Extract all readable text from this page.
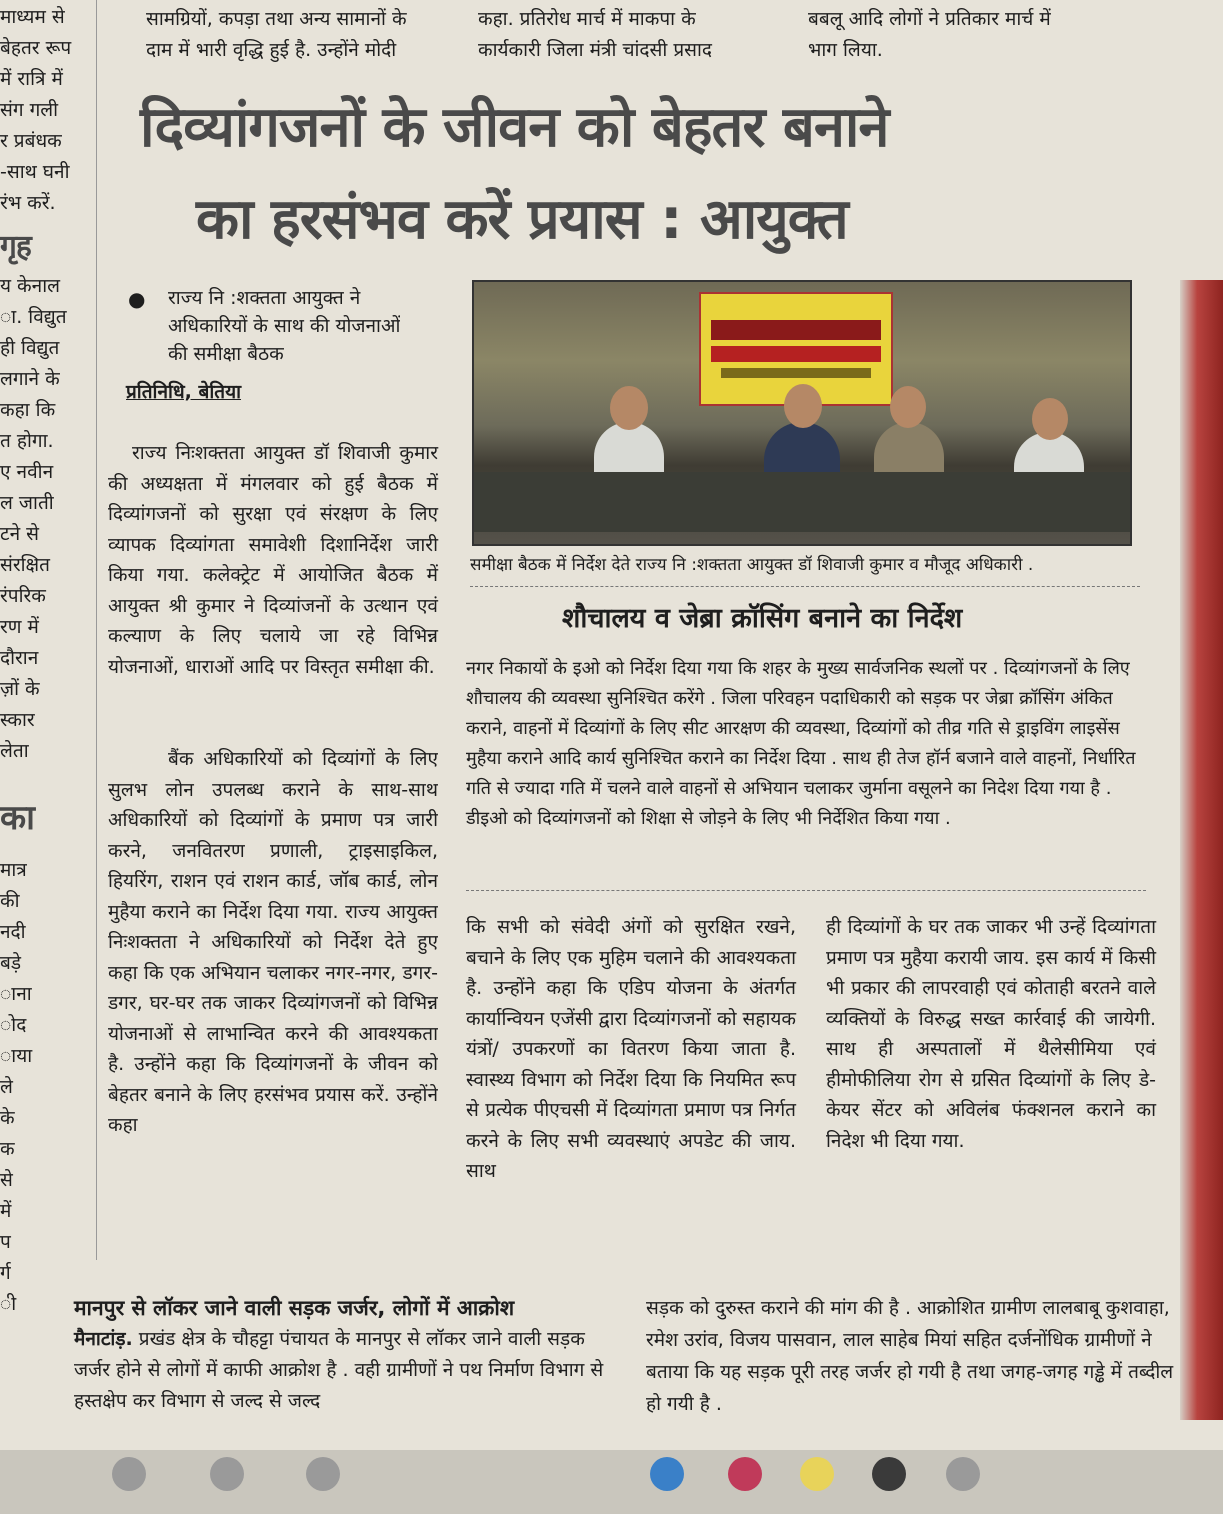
माध्यम से
बेहतर रूप
में रात्रि में
संग गली
र प्रबंधक
-साथ घनी
रंभ करें.
गृह
य केनाल
ा. विद्युत
ही विद्युत
लगाने के
कहा कि
त होगा.
ए नवीन
ल जाती
टने से
संरक्षित
रंपरिक
रण में
दौरान
ज़ों के
स्कार
लेता
का
मात्र
की
नदी
बड़े
ाना
ोद
ाया
ले
के
क
से
में
प
र्ग
ी
सामग्रियों, कपड़ा तथा अन्य सामानों के
दाम में भारी वृद्धि हुई है. उन्होंने मोदी
कहा. प्रतिरोध मार्च में माकपा के
कार्यकारी जिला मंत्री चांदसी प्रसाद
बबलू आदि लोगों ने प्रतिकार मार्च में
भाग लिया.
दिव्यांगजनों के जीवन को बेहतर बनाने
का हरसंभव करें प्रयास : आयुक्त
●	राज्य नि :शक्तता आयुक्त ने
अधिकारियों के साथ की योजनाओं
की समीक्षा बैठक
प्रतिनिधि, बेतिया
राज्य निःशक्तता आयुक्त डॉ शिवाजी कुमार की अध्यक्षता में मंगलवार को हुई बैठक में दिव्यांगजनों को सुरक्षा एवं संरक्षण के लिए व्यापक दिव्यांगता समावेशी दिशानिर्देश जारी किया गया. कलेक्ट्रेट में आयोजित बैठक में आयुक्त श्री कुमार ने दिव्यांजनों के उत्थान एवं कल्याण के लिए चलाये जा रहे विभिन्न योजनाओं, धाराओं आदि पर विस्तृत समीक्षा की.
बैंक अधिकारियों को दिव्यांगों के लिए सुलभ लोन उपलब्ध कराने के साथ-साथ अधिकारियों को दिव्यांगों के प्रमाण पत्र जारी करने, जनवितरण प्रणाली, ट्राइसाइकिल, हियरिंग, राशन एवं राशन कार्ड, जॉब कार्ड, लोन मुहैया कराने का निर्देश दिया गया. राज्य आयुक्त निःशक्तता ने अधिकारियों को निर्देश देते हुए कहा कि एक अभियान चलाकर नगर-नगर, डगर-डगर, घर-घर तक जाकर दिव्यांगजनों को विभिन्न योजनाओं से लाभान्वित करने की आवश्यकता है. उन्होंने कहा कि दिव्यांगजनों के जीवन को बेहतर बनाने के लिए हरसंभव प्रयास करें. उन्होंने कहा
समीक्षा बैठक में निर्देश देते राज्य नि :शक्तता आयुक्त डॉ शिवाजी कुमार व मौजूद अधिकारी .
शौचालय व जेब्रा क्रॉसिंग बनाने का निर्देश
नगर निकायों के इओ को निर्देश दिया गया कि शहर के मुख्य सार्वजनिक स्थलों पर . दिव्यांगजनों के लिए शौचालय की व्यवस्था सुनिश्चित करेंगे . जिला परिवहन पदाधिकारी को सड़क पर जेब्रा क्रॉसिंग अंकित कराने, वाहनों में दिव्यांगों के लिए सीट आरक्षण की व्यवस्था, दिव्यांगों को तीव्र गति से ड्राइविंग लाइसेंस मुहैया कराने आदि कार्य सुनिश्चित कराने का निर्देश दिया . साथ ही तेज हॉर्न बजाने वाले वाहनों, निर्धारित गति से ज्यादा गति में चलने वाले वाहनों से अभियान चलाकर जुर्माना वसूलने का निदेश दिया गया है . डीइओ को दिव्यांगजनों को शिक्षा से जोड़ने के लिए भी निर्देशित किया गया .
कि सभी को संवेदी अंगों को सुरक्षित रखने, बचाने के लिए एक मुहिम चलाने की आवश्यकता है. उन्होंने कहा कि एडिप योजना के अंतर्गत कार्यान्वियन एजेंसी द्वारा दिव्यांगजनों को सहायक यंत्रों/ उपकरणों का वितरण किया जाता है. स्वास्थ्य विभाग को निर्देश दिया कि नियमित रूप से प्रत्येक पीएचसी में दिव्यांगता प्रमाण पत्र निर्गत करने के लिए सभी व्यवस्थाएं अपडेट की जाय. साथ
ही दिव्यांगों के घर तक जाकर भी उन्हें दिव्यांगता प्रमाण पत्र मुहैया करायी जाय. इस कार्य में किसी भी प्रकार की लापरवाही एवं कोताही बरतने वाले व्यक्तियों के विरुद्ध सख्त कार्रवाई की जायेगी. साथ ही अस्पतालों में थैलेसीमिया एवं हीमोफीलिया रोग से ग्रसित दिव्यांगों के लिए डे-केयर सेंटर को अविलंब फंक्शनल कराने का निदेश भी दिया गया.
मानपुर से लॉकर जाने वाली सड़क जर्जर, लोगों में आक्रोश
मैनाटांड़. प्रखंड क्षेत्र के चौहट्टा पंचायत के मानपुर से लॉकर जाने वाली सड़क जर्जर होने से लोगों में काफी आक्रोश है . वही ग्रामीणों ने पथ निर्माण विभाग से हस्तक्षेप कर विभाग से जल्द से जल्द
सड़क को दुरुस्त कराने की मांग की है . आक्रोशित ग्रामीण लालबाबू कुशवाहा, रमेश उरांव, विजय पासवान, लाल साहेब मियां सहित दर्जनोंधिक ग्रामीणों ने बताया कि यह सड़क पूरी तरह जर्जर हो गयी है तथा जगह-जगह गड्ढे में तब्दील हो गयी है .
